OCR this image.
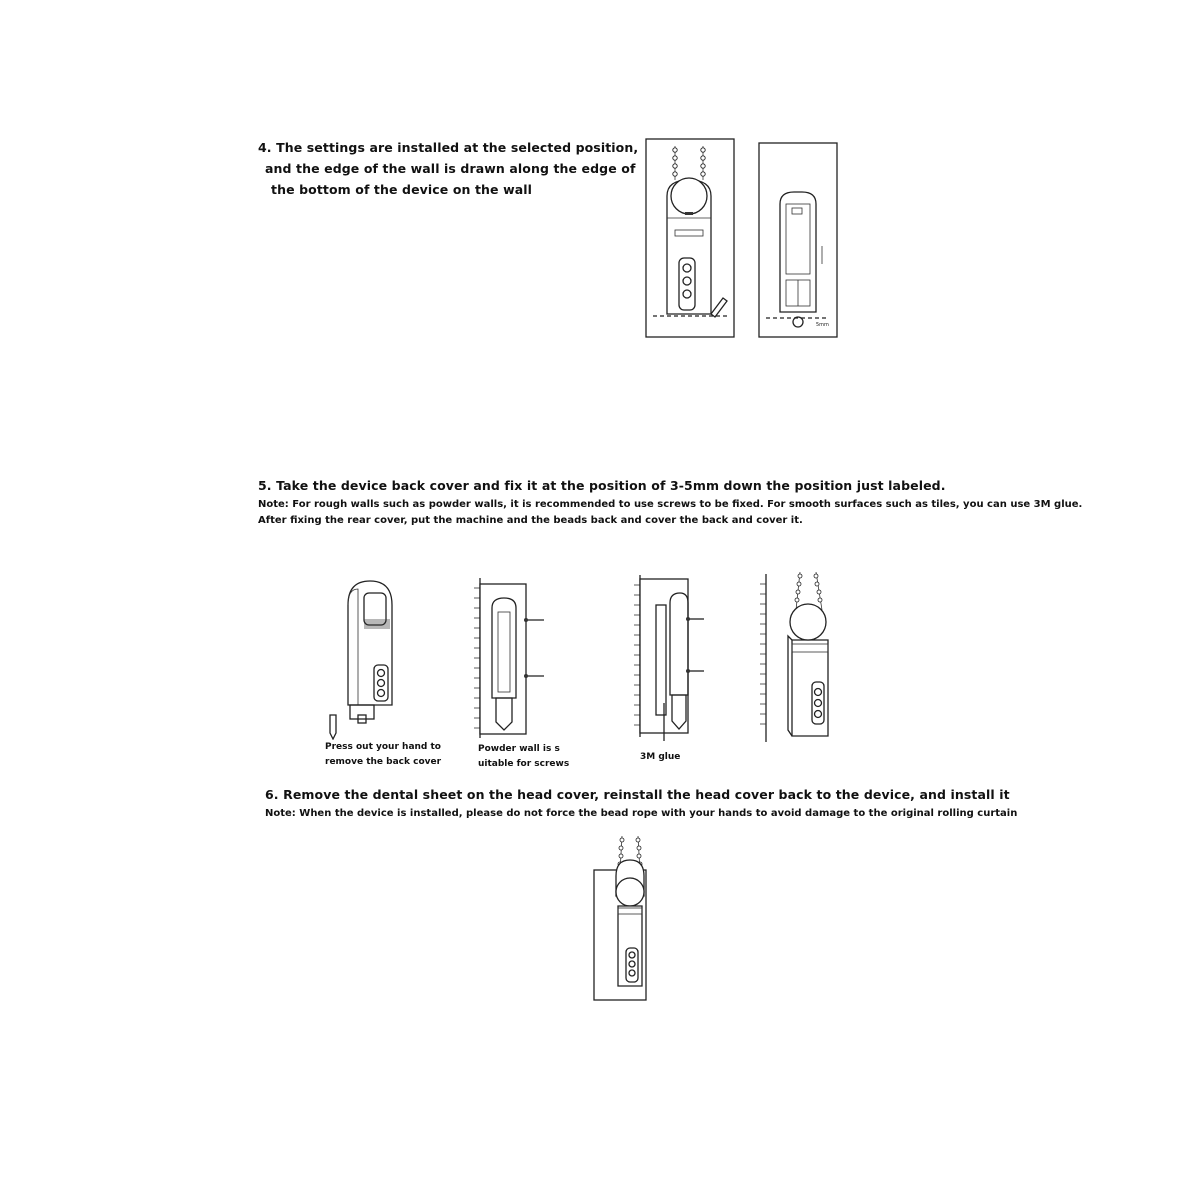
4. The settings are installed at the selected position,
and the edge of the wall is drawn along the edge of
the bottom of the device on the wall
5mm
5. Take the device back cover and fix it at the position of 3-5mm down the position just labeled.
Note: For rough walls such as powder walls, it is recommended to use screws to be fixed. For smooth surfaces such as tiles, you can use 3M glue.
After fixing the rear cover, put the machine and the beads back and cover the back and cover it.
Press out your hand to
remove the back cover
Powder wall is s
uitable for screws
3M glue
6. Remove the dental sheet on the head cover, reinstall the head cover back to the device, and install it
Note: When the device is installed, please do not force the bead rope with your hands to avoid damage to the original rolling curtain
